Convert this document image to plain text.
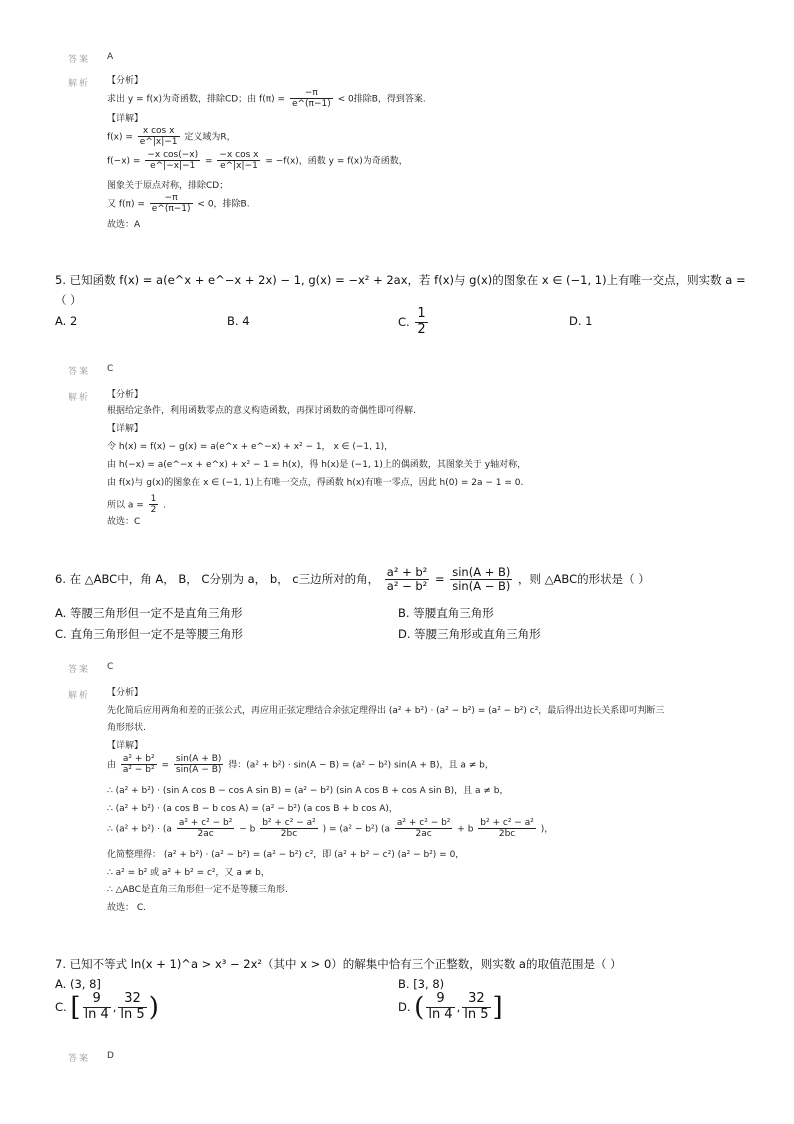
答案 A
解析 【分析】
求出 y = f(x)为奇函数，排除CD；由 $f(\pi) = \frac{-\pi}{e\^{}(\pi-1)} < 0$排除B，得到答案.
【详解】
$f(x) = \frac{\text{x cos x}}{e\^{}|x|-1}$ 定义域为R，
$f(-x) = \frac{\text{−x cos(−x)}}{e\^{}|-x|-1} = \frac{\text{−x cos x}}{e\^{}|x|-1} = -f(x)$，函数 y = f(x)为奇函数，
图象关于原点对称，排除CD；
又 $f(\pi) = \frac{-\pi}{e\^{}(\pi-1)} < 0$，排除B.
故选：A
5. 已知函数 f(x) = a(e^x + e^−x + 2x) − 1, g(x) = −x² + 2ax，若 f(x)与 g(x)的图象在 x ∈ (−1, 1)上有唯一交点，则实数 a =
（ ）
A. 2	B. 4	C. $\frac{1}{2}$	D. 1
答案 C
解析 【分析】
根据给定条件，利用函数零点的意义构造函数，再探讨函数的奇偶性即可得解.
【详解】
令 h(x) = f(x) − g(x) = a(e^x + e^−x) + x² − 1， x ∈ (−1, 1)，
由 h(−x) = a(e^−x + e^x) + x² − 1 = h(x)，得 h(x)是 (−1, 1)上的偶函数，其图象关于 y轴对称，
由 f(x)与 g(x)的图象在 x ∈ (−1, 1)上有唯一交点，得函数 h(x)有唯一零点，因此 h(0) = 2a − 1 = 0.
所以 $a = \frac{1}{2}$ .
故选：C
6. 在 △ABC中，角 A， B， C分别为 a， b， c三边所对的角， $\frac{\text{a² + b²}}{\text{a² − b²}} = \frac{\sin(A + B)}{\sin(A - B)}$ ，则 △ABC的形状是（ ）
A. 等腰三角形但一定不是直角三角形	B. 等腰直角三角形
C. 直角三角形但一定不是等腰三角形	D. 等腰三角形或直角三角形
答案 C
解析 【分析】
先化简后应用两角和差的正弦公式，再应用正弦定理结合余弦定理得出 (a² + b²) · (a² − b²) = (a² − b²) c²，最后得出边长关系即可判断三
角形形状.
【详解】
由 $\frac{\text{a² + b²}}{\text{a² − b²}} = \frac{\sin(A + B)}{\sin(A - B)}$ 得：(a² + b²) · sin(A − B) = (a² − b²) sin(A + B)，且 a ≠ b，
∴ (a² + b²) · (sin A cos B − cos A sin B) = (a² − b²) (sin A cos B + cos A sin B)，且 a ≠ b，
∴ (a² + b²) · (a cos B − b cos A) = (a² − b²) (a cos B + b cos A)，
∴ $(a^2 + b^2) \cdot (a \frac{\text{a² + c² − b²}}{2ac} - b \frac{\text{b² + c² − a²}}{2bc}$ ) = (a² − b²) ($a \frac{\text{a² + c² − b²}}{2ac} + b \frac{\text{b² + c² − a²}}{2bc}$ )，
化简整理得： (a² + b²) · (a² − b²) = (a² − b²) c²，即 (a² + b² − c²) (a² − b²) = 0，
∴ a² = b² 或 a² + b² = c²，又 a ≠ b，
∴ △ABC是直角三角形但一定不是等腰三角形.
故选： C.
7. 已知不等式 ln(x + 1)^a > x³ − 2x²（其中 x > 0）的解集中恰有三个正整数，则实数 a的取值范围是（ ）
A. (3, 8]	B. [3, 8)
C. [ $\frac{9}{\ln 4}$ , $\frac{32}{\ln 5}$ )	D. ( $\frac{9}{\ln 4}$ , $\frac{32}{\ln 5}$ ]
答案 D
